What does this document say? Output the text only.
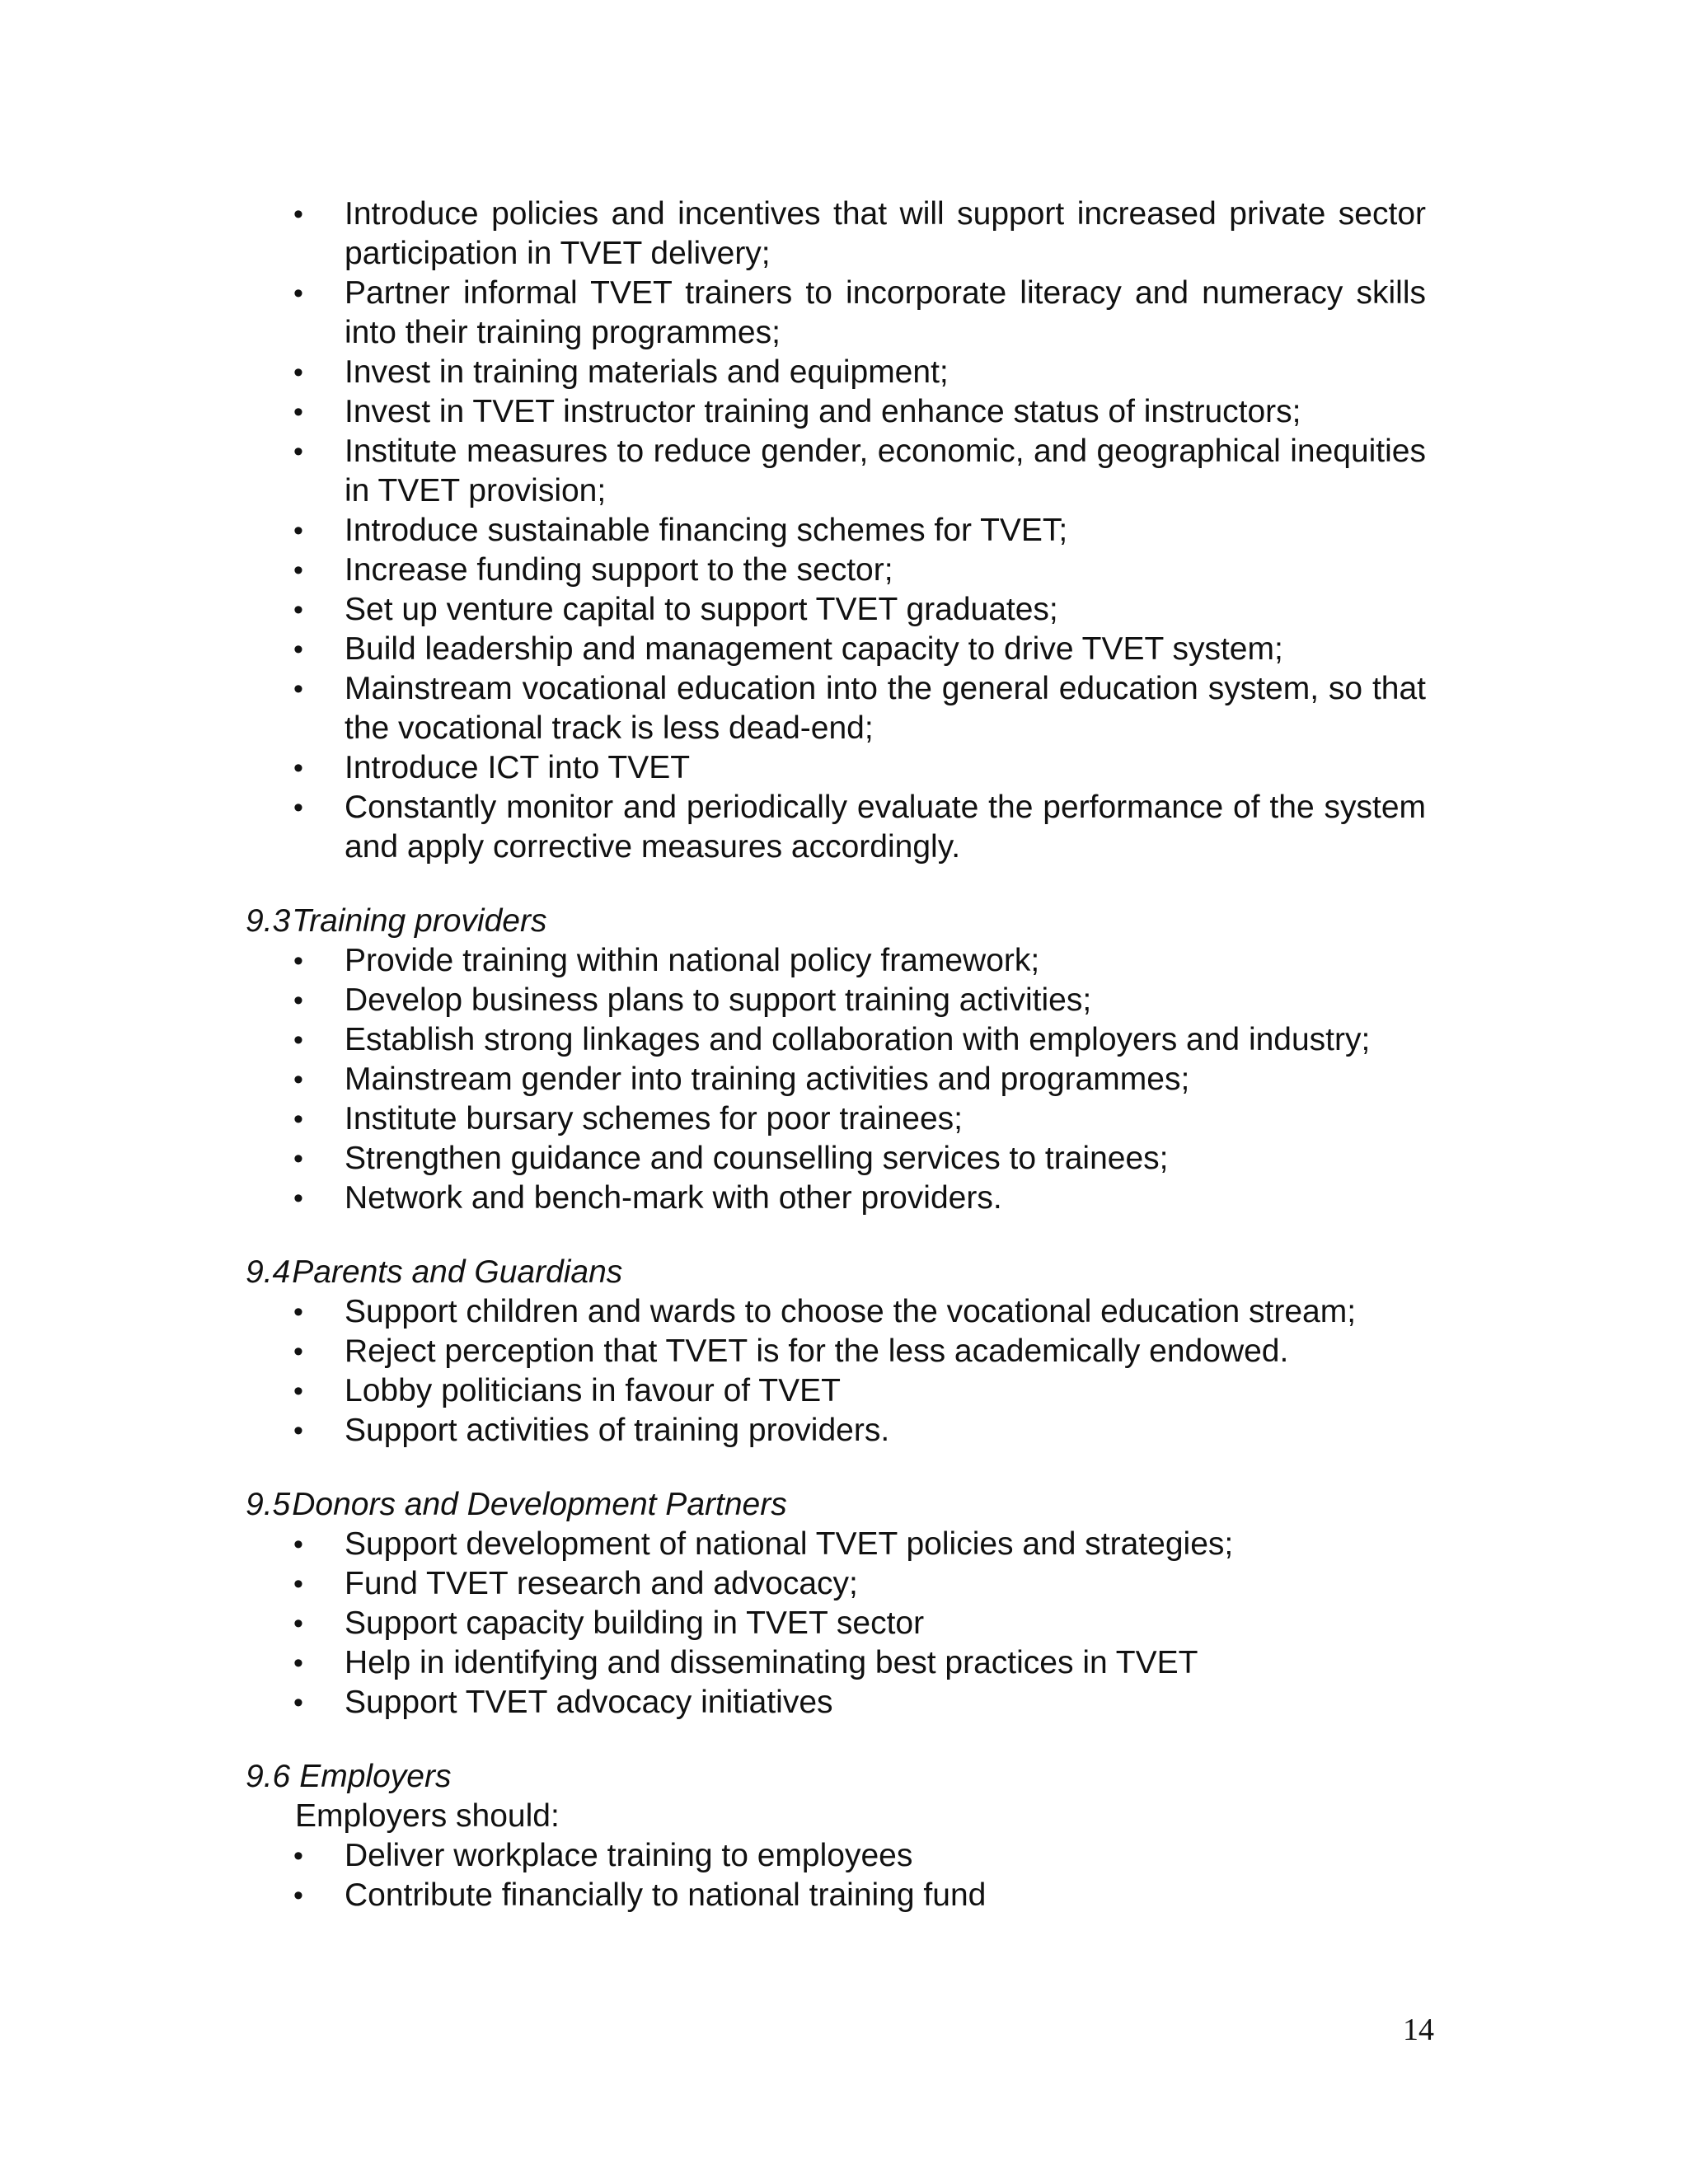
• Introduce policies and incentives that will support increased private sector participation in TVET delivery;
• Partner informal TVET trainers to incorporate literacy and numeracy skills into their training programmes;
• Invest in training materials and equipment;
• Invest in TVET instructor training and enhance status of instructors;
• Institute measures to reduce gender, economic, and geographical inequities in TVET provision;
• Introduce sustainable financing schemes for TVET;
• Increase funding support to the sector;
• Set up venture capital to support TVET graduates;
• Build leadership and management capacity to drive TVET system;
• Mainstream vocational education into the general education system, so that the vocational track is less dead-end;
• Introduce ICT into TVET
• Constantly monitor and periodically evaluate the performance of the system and apply corrective measures accordingly.
9.3Training providers
• Provide training within national policy framework;
• Develop business plans to support training activities;
• Establish strong linkages and collaboration with employers and industry;
• Mainstream gender into training activities and programmes;
• Institute bursary schemes for poor trainees;
• Strengthen guidance and counselling services to trainees;
• Network and bench-mark with other providers.
9.4Parents and Guardians
• Support children and wards to choose the vocational education stream;
• Reject perception that TVET is for the less academically endowed.
• Lobby politicians in favour of TVET
• Support activities of training providers.
9.5Donors and Development Partners
• Support development of national TVET policies and strategies;
• Fund TVET research and advocacy;
• Support capacity building in TVET sector
• Help in identifying and disseminating best practices in TVET
• Support TVET advocacy initiatives
9.6 Employers
Employers should:
• Deliver workplace training to employees
• Contribute financially to national training fund
14
